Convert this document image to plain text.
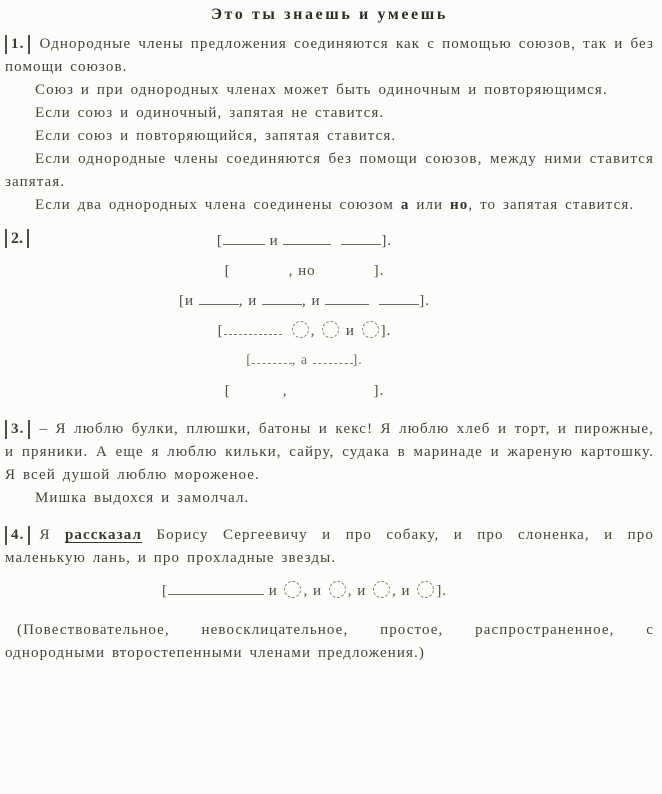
Это ты знаешь и умеешь

1. Однородные члены предложения соединяются как с помощью союзов, так и без помощи союзов.

Союз и при однородных членах может быть одиночным и повторяющимся.

Если союз и одиночный, запятая не ставится.

Если союз и повторяющийся, запятая ставится.

Если однородные члены соединяются без помощи союзов, между ними ставится запятая.

Если два однородных члена соединены союзом а или но, то запятая ставится.

2.	[	и	].
[	, но	].
[и	, и	, и	].
[	,  и ].
[	, а	].
[	,	].

3. – Я люблю булки, плюшки, батоны и кекс! Я люблю хлеб и торт, и пирожные, и пряники. А еще я люблю кильки, сайру, судака в маринаде и жареную картошку. Я всей душой люблю мороженое.

Мишка выдохся и замолчал.

4. Я рассказал Борису Сергеевичу и про собаку, и про слоненка, и про маленькую лань, и про прохладные звезды.

[	и , и , и , и ].

(Повествовательное, невосклицательное, простое, распространенное, с однородными второстепенными членами предложения.)
